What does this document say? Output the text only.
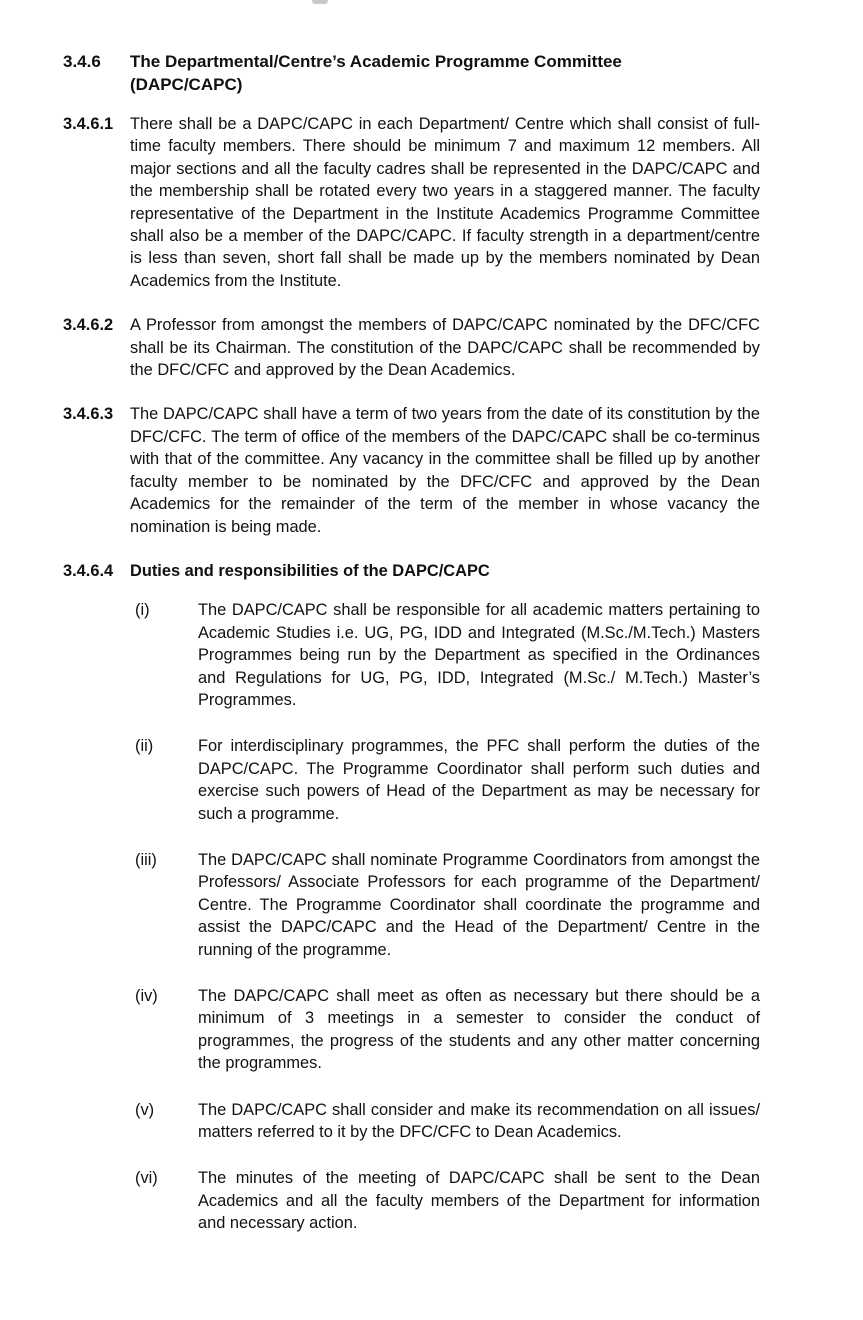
3.4.6	The Departmental/Centre’s Academic Programme Committee (DAPC/CAPC)
3.4.6.1	There shall be a DAPC/CAPC in each Department/ Centre which shall consist of full-time faculty members. There should be minimum 7 and maximum 12 members. All major sections and all the faculty cadres shall be represented in the DAPC/CAPC and the membership shall be rotated every two years in a staggered manner. The faculty representative of the Department in the Institute Academics Programme Committee shall also be a member of the DAPC/CAPC. If faculty strength in a department/centre is less than seven, short fall shall be made up by the members nominated by Dean Academics from the Institute.
3.4.6.2	A Professor from amongst the members of DAPC/CAPC nominated by the DFC/CFC shall be its Chairman. The constitution of the DAPC/CAPC shall be recommended by the DFC/CFC and approved by the Dean Academics.
3.4.6.3	The DAPC/CAPC shall have a term of two years from the date of its constitution by the DFC/CFC. The term of office of the members of the DAPC/CAPC shall be co-terminus with that of the committee. Any vacancy in the committee shall be filled up by another faculty member to be nominated by the DFC/CFC and approved by the Dean Academics for the remainder of the term of the member in whose vacancy the nomination is being made.
3.4.6.4	Duties and responsibilities of the DAPC/CAPC
(i)	The DAPC/CAPC shall be responsible for all academic matters pertaining to Academic Studies i.e. UG, PG, IDD and Integrated (M.Sc./M.Tech.) Masters Programmes being run by the Department as specified in the Ordinances and Regulations for UG, PG, IDD, Integrated (M.Sc./ M.Tech.) Master’s Programmes.
(ii)	For interdisciplinary programmes, the PFC shall perform the duties of the DAPC/CAPC. The Programme Coordinator shall perform such duties and exercise such powers of Head of the Department as may be necessary for such a programme.
(iii)	The DAPC/CAPC shall nominate Programme Coordinators from amongst the Professors/ Associate Professors for each programme of the Department/ Centre. The Programme Coordinator shall coordinate the programme and assist the DAPC/CAPC and the Head of the Department/ Centre in the running of the programme.
(iv)	The DAPC/CAPC shall meet as often as necessary but there should be a minimum of 3 meetings in a semester to consider the conduct of programmes, the progress of the students and any other matter concerning the programmes.
(v)	The DAPC/CAPC shall consider and make its recommendation on all issues/ matters referred to it by the DFC/CFC to Dean Academics.
(vi)	The minutes of the meeting of DAPC/CAPC shall be sent to the Dean Academics and all the faculty members of the Department for information and necessary action.
